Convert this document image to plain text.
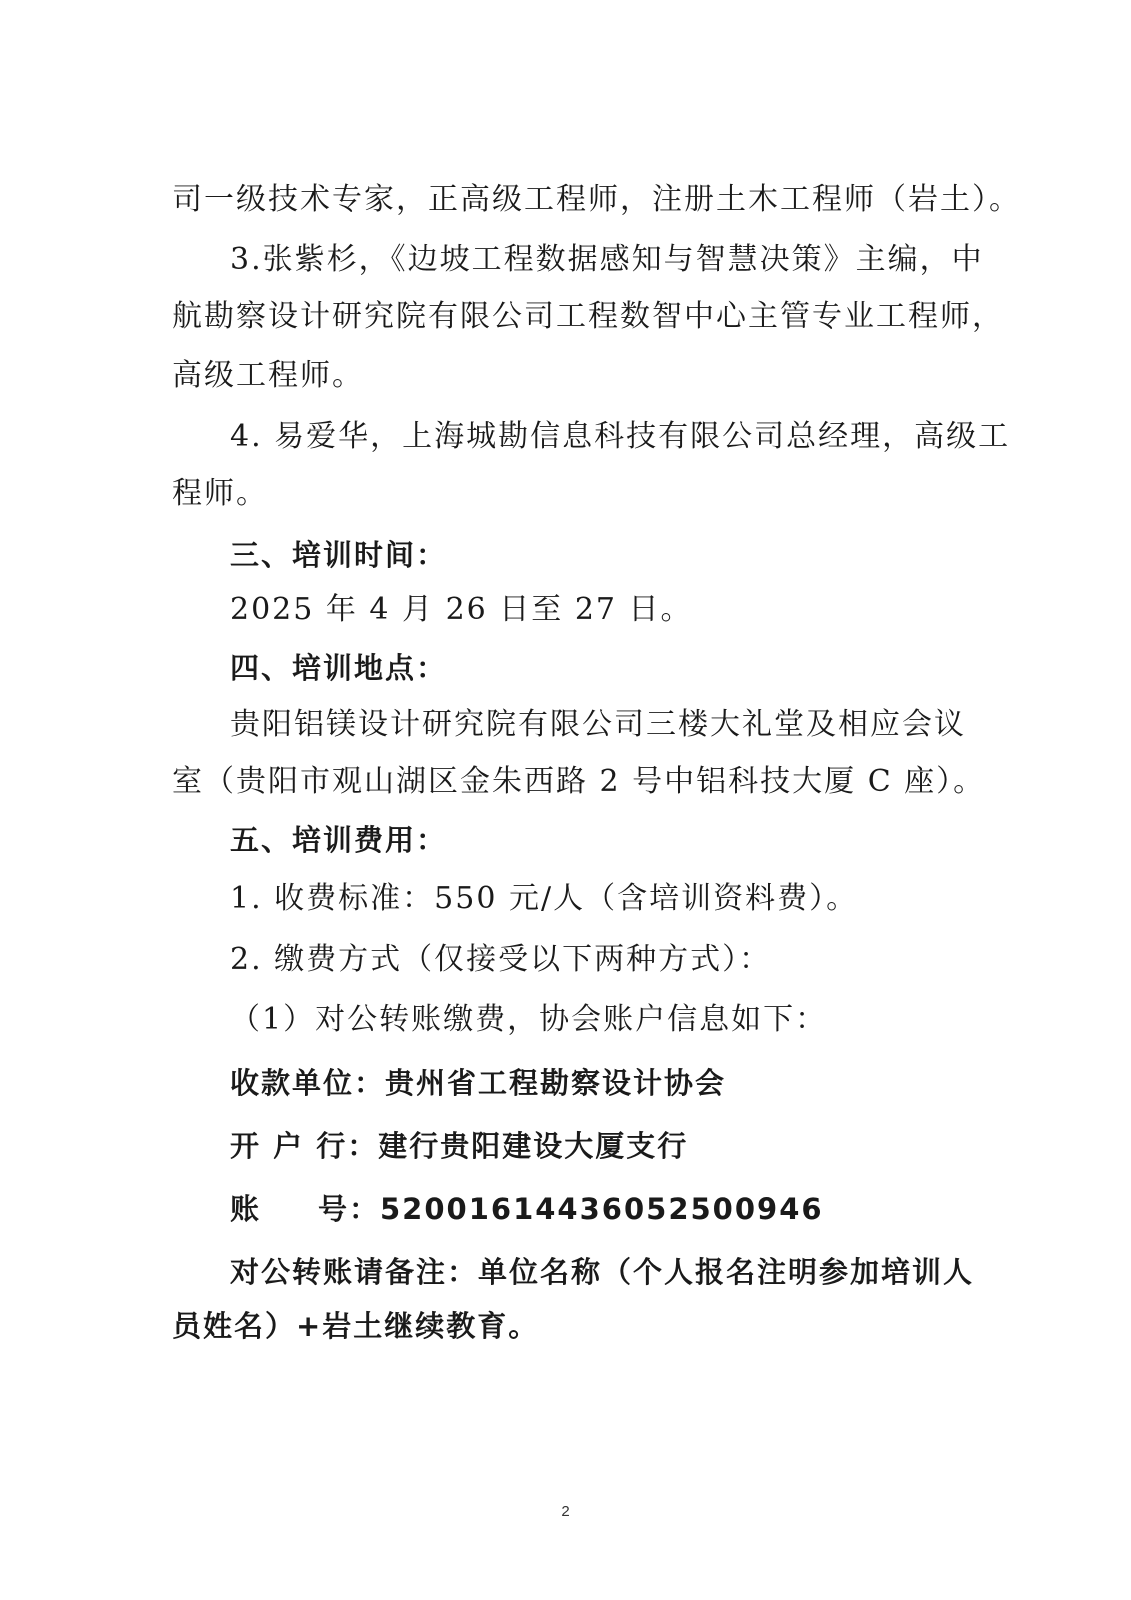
司一级技术专家，正高级工程师，注册土木工程师（岩土）。
3.张紫杉，《边坡工程数据感知与智慧决策》主编，中
航勘察设计研究院有限公司工程数智中心主管专业工程师，
高级工程师。
4. 易爱华，上海城勘信息科技有限公司总经理，高级工
程师。
三、培训时间：
2025 年 4 月 26 日至 27 日。
四、培训地点：
贵阳铝镁设计研究院有限公司三楼大礼堂及相应会议
室（贵阳市观山湖区金朱西路 2 号中铝科技大厦 C 座）。
五、培训费用：
1. 收费标准：550 元/人（含培训资料费）。
2. 缴费方式（仅接受以下两种方式）：
（1）对公转账缴费，协会账户信息如下：
收款单位：贵州省工程勘察设计协会
开 户 行：建行贵阳建设大厦支行
账 号：52001614436052500946
对公转账请备注：单位名称（个人报名注明参加培训人
员姓名）+岩土继续教育。
2
